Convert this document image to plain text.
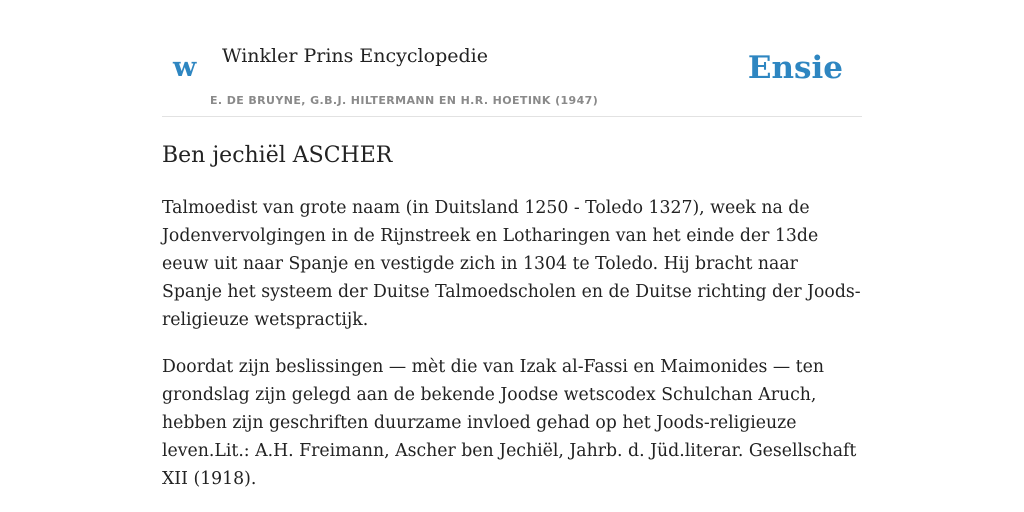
w Winkler Prins Encyclopedie
E. DE BRUYNE, G.B.J. HILTERMANN EN H.R. HOETINK (1947)
Ensie
Ben jechiël ASCHER

Talmoedist van grote naam (in Duitsland 1250 - Toledo 1327), week na de Jodenvervolgingen in de Rijnstreek en Lotharingen van het einde der 13de eeuw uit naar Spanje en vestigde zich in 1304 te Toledo. Hij bracht naar Spanje het systeem der Duitse Talmoedscholen en de Duitse richting der Joods-religieuze wetspractijk.

Doordat zijn beslissingen — mèt die van Izak al-Fassi en Maimonides — ten grondslag zijn gelegd aan de bekende Joodse wetscodex Schulchan Aruch, hebben zijn geschriften duurzame invloed gehad op het Joods-religieuze leven.Lit.: A.H. Freimann, Ascher ben Jechiël, Jahrb. d. Jüd.literar. Gesellschaft XII (1918).
